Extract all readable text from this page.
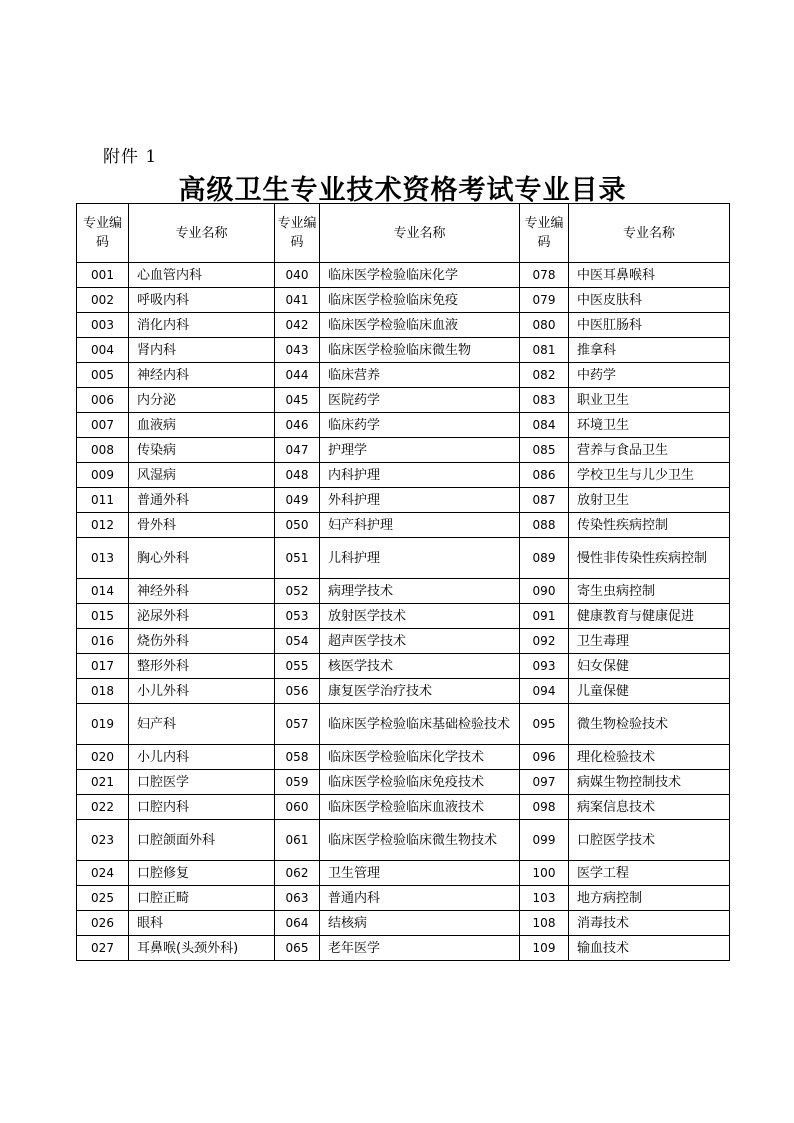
附件 1
高级卫生专业技术资格考试专业目录
专业编码	专业名称	专业编码	专业名称	专业编码	专业名称
001	心血管内科	040	临床医学检验临床化学	078	中医耳鼻喉科
002	呼吸内科	041	临床医学检验临床免疫	079	中医皮肤科
003	消化内科	042	临床医学检验临床血液	080	中医肛肠科
004	肾内科	043	临床医学检验临床微生物	081	推拿科
005	神经内科	044	临床营养	082	中药学
006	内分泌	045	医院药学	083	职业卫生
007	血液病	046	临床药学	084	环境卫生
008	传染病	047	护理学	085	营养与食品卫生
009	风湿病	048	内科护理	086	学校卫生与儿少卫生
011	普通外科	049	外科护理	087	放射卫生
012	骨外科	050	妇产科护理	088	传染性疾病控制
013	胸心外科	051	儿科护理	089	慢性非传染性疾病控制
014	神经外科	052	病理学技术	090	寄生虫病控制
015	泌尿外科	053	放射医学技术	091	健康教育与健康促进
016	烧伤外科	054	超声医学技术	092	卫生毒理
017	整形外科	055	核医学技术	093	妇女保健
018	小儿外科	056	康复医学治疗技术	094	儿童保健
019	妇产科	057	临床医学检验临床基础检验技术	095	微生物检验技术
020	小儿内科	058	临床医学检验临床化学技术	096	理化检验技术
021	口腔医学	059	临床医学检验临床免疫技术	097	病媒生物控制技术
022	口腔内科	060	临床医学检验临床血液技术	098	病案信息技术
023	口腔颌面外科	061	临床医学检验临床微生物技术	099	口腔医学技术
024	口腔修复	062	卫生管理	100	医学工程
025	口腔正畸	063	普通内科	103	地方病控制
026	眼科	064	结核病	108	消毒技术
027	耳鼻喉(头颈外科)	065	老年医学	109	输血技术
